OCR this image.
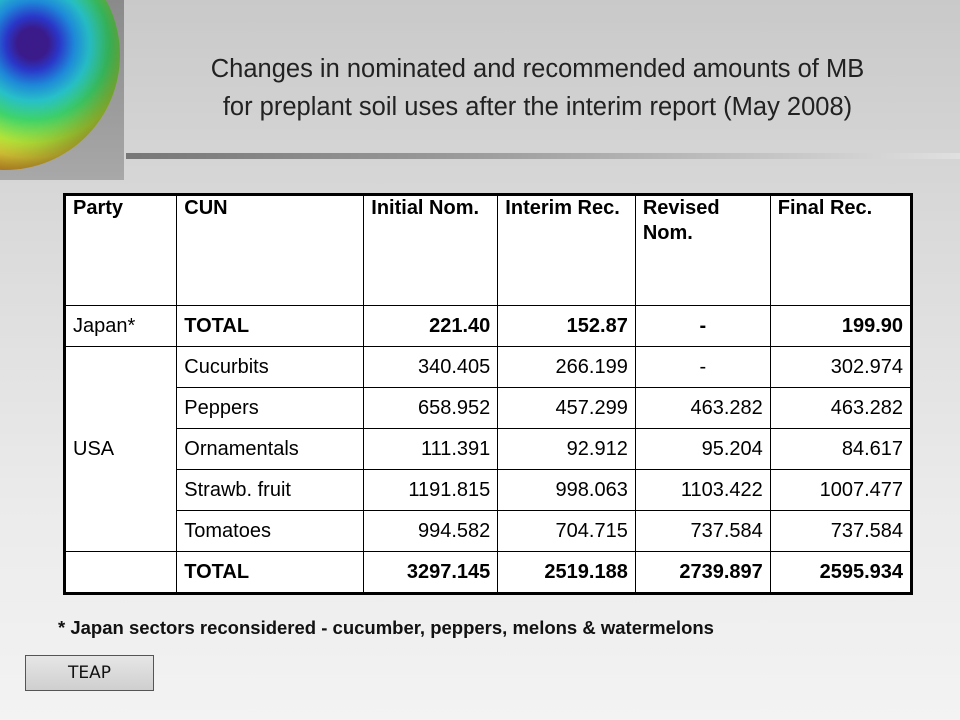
Changes in nominated and recommended amounts of MB
for preplant soil uses after the interim report (May 2008)
Party	CUN	Initial Nom.	Interim Rec.	Revised Nom.	Final Rec.
Japan*	TOTAL	221.40	152.87	-	199.90
USA	Cucurbits	340.405	266.199	-	302.974
	Peppers	658.952	457.299	463.282	463.282
	Ornamentals	111.391	92.912	95.204	84.617
	Strawb. fruit	1191.815	998.063	1103.422	1007.477
	Tomatoes	994.582	704.715	737.584	737.584
	TOTAL	3297.145	2519.188	2739.897	2595.934
* Japan sectors reconsidered - cucumber, peppers, melons & watermelons
TEAP
